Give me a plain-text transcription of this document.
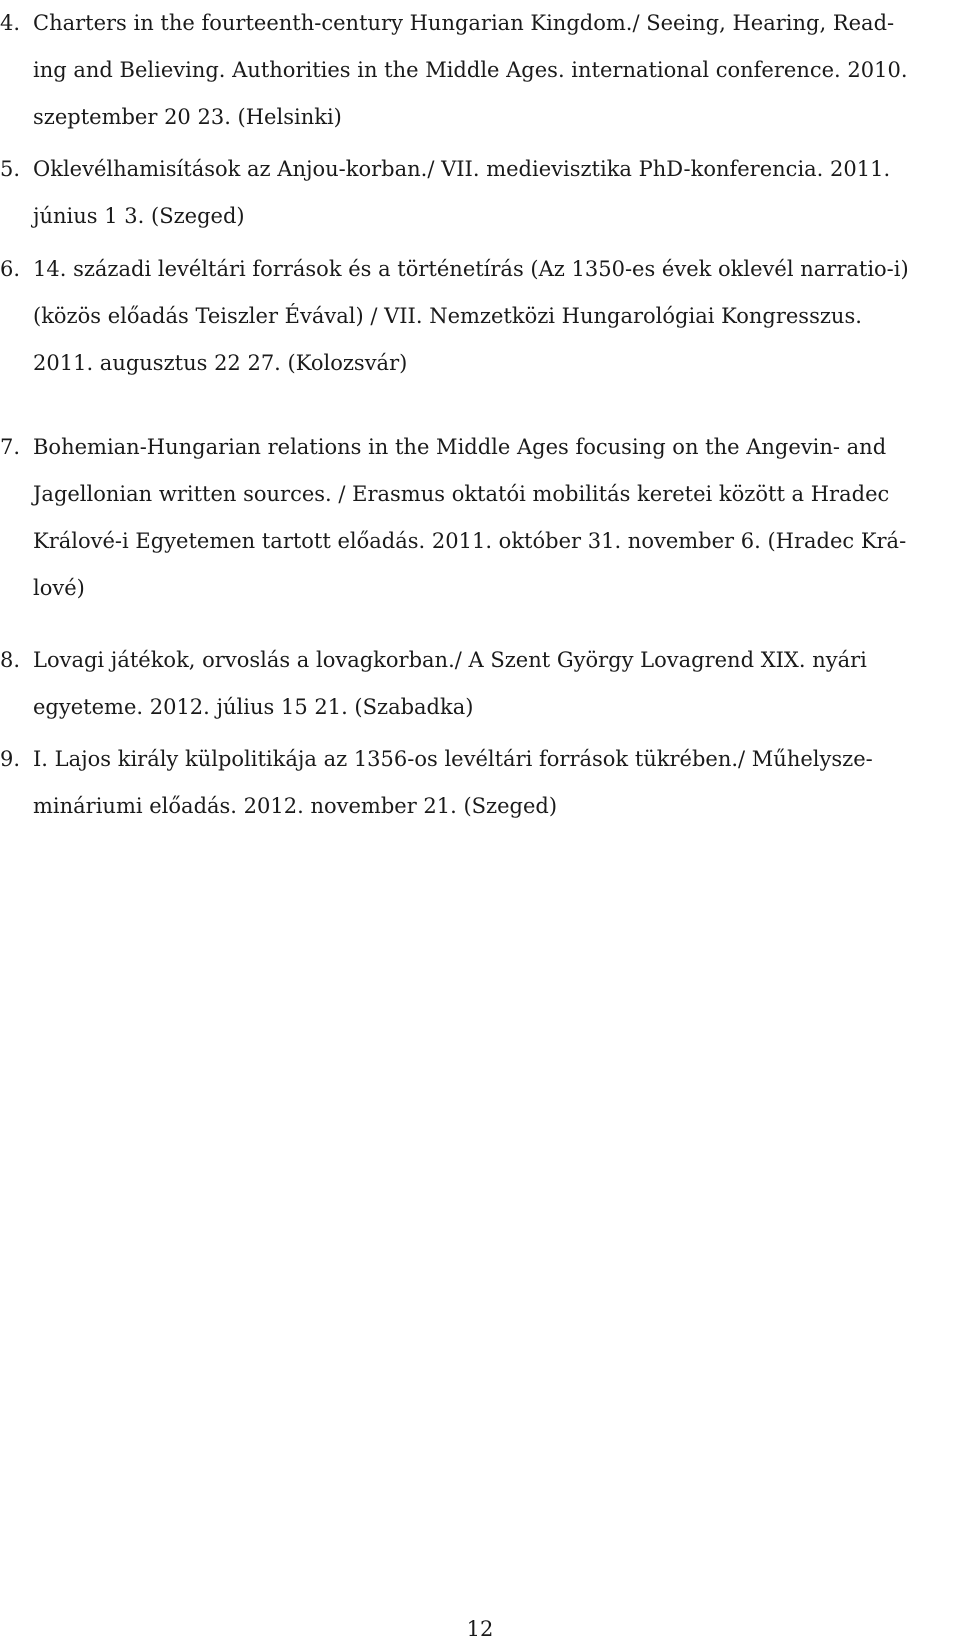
4. Charters in the fourteenth-century Hungarian Kingdom./ Seeing, Hearing, Read-
ing and Believing. Authorities in the Middle Ages. international conference. 2010.
szeptember 20 23. (Helsinki)
5. Oklevélhamisítások az Anjou-korban./ VII. medievisztika PhD-konferencia. 2011.
június 1 3. (Szeged)
6. 14. századi levéltári források és a történetírás (Az 1350-es évek oklevél narratio-i)
(közös előadás Teiszler Évával) / VII. Nemzetközi Hungarológiai Kongresszus.
2011. augusztus 22 27. (Kolozsvár)
7. Bohemian-Hungarian relations in the Middle Ages focusing on the Angevin- and
Jagellonian written sources. / Erasmus oktatói mobilitás keretei között a Hradec
Králové-i Egyetemen tartott előadás. 2011. október 31. november 6. (Hradec Krá-
lové)
8. Lovagi játékok, orvoslás a lovagkorban./ A Szent György Lovagrend XIX. nyári
egyeteme. 2012. július 15 21. (Szabadka)
9. I. Lajos király külpolitikája az 1356-os levéltári források tükrében./ Műhelysze-
mináriumi előadás. 2012. november 21. (Szeged)
12
